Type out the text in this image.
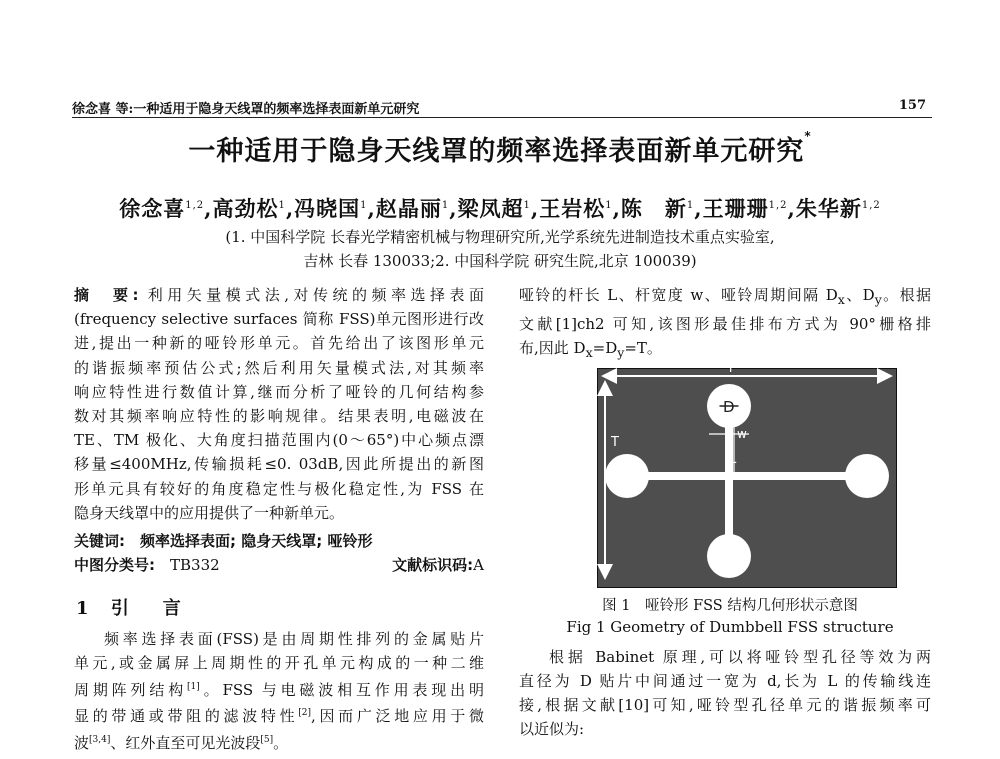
徐念喜 等:一种适用于隐身天线罩的频率选择表面新单元研究	157
一种适用于隐身天线罩的频率选择表面新单元研究*
徐念喜$^{1,2}$,高劲松$^1$,冯晓国$^1$,赵晶丽$^1$,梁凤超$^1$,王岩松$^1$,陈　新$^1$,王珊珊$^{1,2}$,朱华新$^{1,2}$
(1. 中国科学院 长春光学精密机械与物理研究所,光学系统先进制造技术重点实验室,
吉林 长春 130033;2. 中国科学院 研究生院,北京 100039)
摘　要: 利用矢量模式法,对传统的频率选择表面
(frequency selective surfaces 简称 FSS)单元图形进行改
进,提出一种新的哑铃形单元。首先给出了该图形单元
的谐振频率预估公式;然后利用矢量模式法,对其频率
响应特性进行数值计算,继而分析了哑铃的几何结构参
数对其频率响应特性的影响规律。结果表明,电磁波在
TE、TM 极化、大角度扫描范围内(0～65°)中心频点漂
移量≤400MHz,传输损耗≤0. 03dB,因此所提出的新图
形单元具有较好的角度稳定性与极化稳定性,为 FSS 在
隐身天线罩中的应用提供了一种新单元。
关键词:　 频率选择表面; 隐身天线罩; 哑铃形
中图分类号:　 TB332	文献标识码:A
1 引　言
频率选择表面(FSS)是由周期性排列的金属贴片
单元,或金属屏上周期性的开孔单元构成的一种二维
周期阵列结构[1]。FSS 与电磁波相互作用表现出明
显的带通或带阻的滤波特性[2],因而广泛地应用于微
波[3,4]、红外直至可见光波段[5]。
哑铃的杆长 L、杆宽度 w、哑铃周期间隔 $D_x$、$D_y$。根据
文献[1]ch2 可知,该图形最佳排布方式为 90°栅格排
布,因此 $D_x=D_y=T$。
T
T
D
w
L
图 1　哑铃形 FSS 结构几何形状示意图
Fig 1 Geometry of Dumbbell FSS structure
根据 Babinet 原理,可以将哑铃型孔径等效为两
直径为 D 贴片中间通过一宽为 d,长为 L 的传输线连
接,根据文献[10]可知,哑铃型孔径单元的谐振频率可
以近似为:
